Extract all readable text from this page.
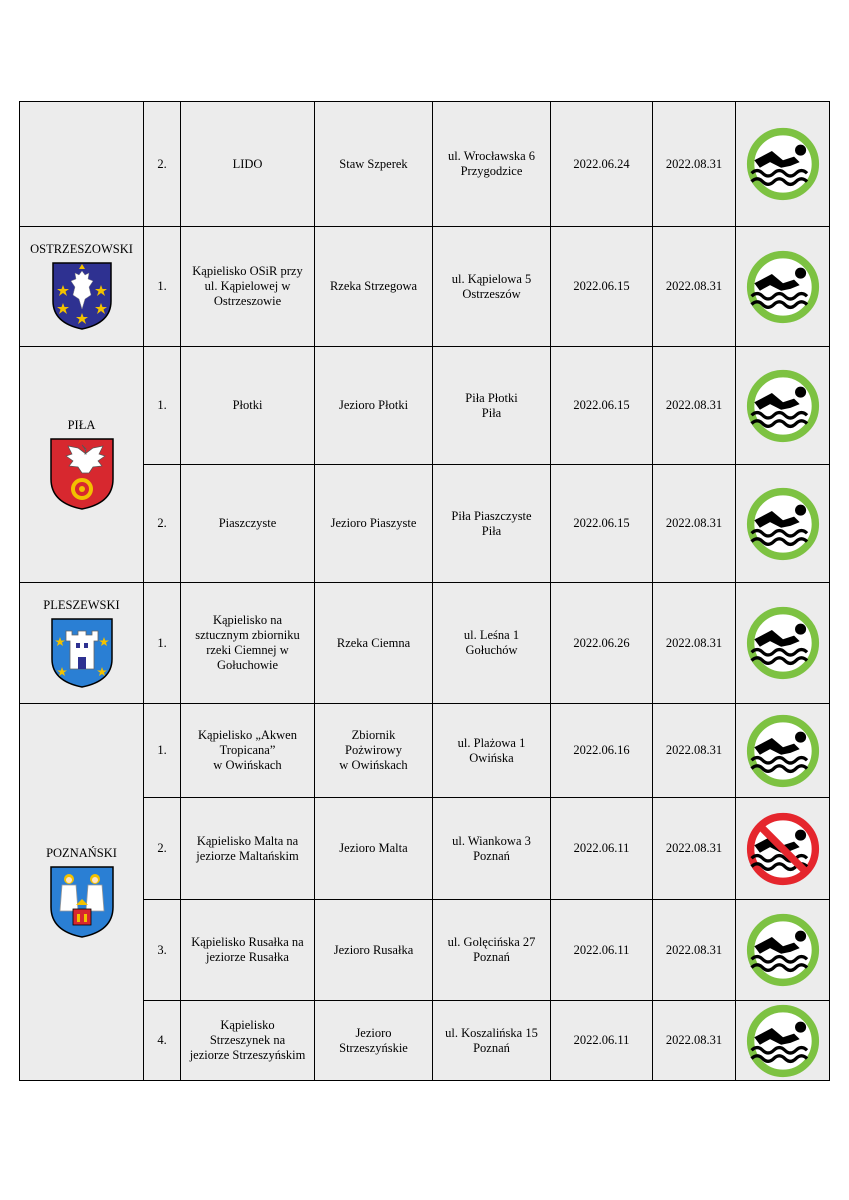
	2.	LIDO	Staw Szperek	ul. Wrocławska 6
Przygodzice	2022.06.24	2022.08.31	

OSTRZESZOWSKI	1.	Kąpielisko OSiR przy
ul. Kąpielowej w
Ostrzeszowie	Rzeka Strzegowa	ul. Kąpielowa 5
Ostrzeszów	2022.06.15	2022.08.31	

PIŁA	1.	Płotki	Jezioro Płotki	Piła Płotki
Piła	2022.06.15	2022.08.31	

	2.	Piaszczyste	Jezioro Piaszyste	Piła Piaszczyste
Piła	2022.06.15	2022.08.31	

PLESZEWSKI	1.	Kąpielisko na
sztucznym zbiorniku
rzeki Ciemnej w
Gołuchowie	Rzeka Ciemna	ul. Leśna 1
Gołuchów	2022.06.26	2022.08.31	

POZNAŃSKI	1.	Kąpielisko „Akwen
Tropicana”
w Owińskach	Zbiornik
Pożwirowy
w Owińskach	ul. Plażowa 1
Owińska	2022.06.16	2022.08.31	

	2.	Kąpielisko Malta na
jeziorze Maltańskim	Jezioro Malta	ul. Wiankowa 3
Poznań	2022.06.11	2022.08.31	

	3.	Kąpielisko Rusałka na
jeziorze Rusałka	Jezioro Rusałka	ul. Golęcińska 27
Poznań	2022.06.11	2022.08.31	

	4.	Kąpielisko
Strzeszynek na
jeziorze Strzeszyńskim	Jezioro
Strzeszyńskie	ul. Koszalińska 15
Poznań	2022.06.11	2022.08.31	
